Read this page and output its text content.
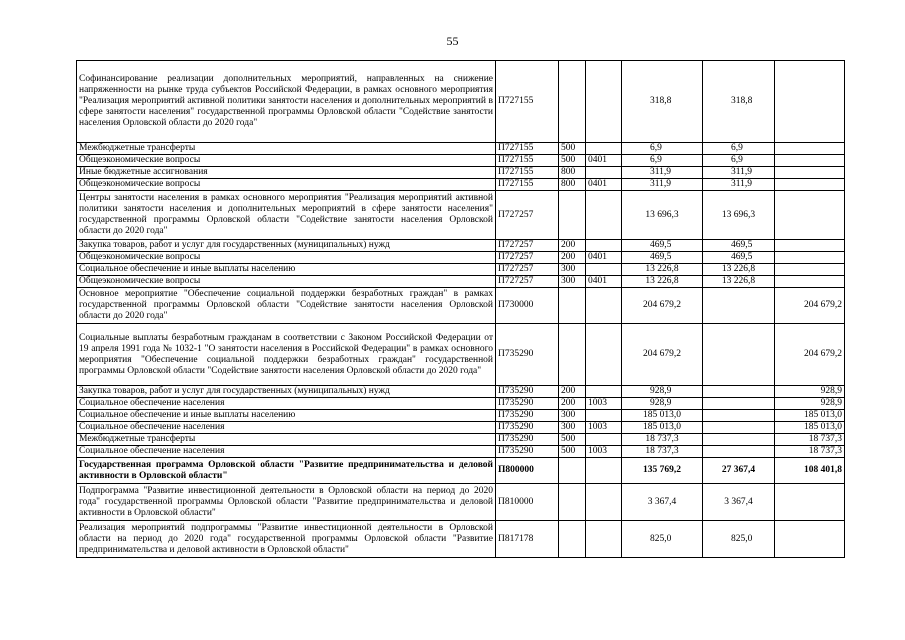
55
Софинансирование реализации дополнительных мероприятий, направленных на снижение напряженности на рынке труда субъектов Российской Федерации, в рамках основного мероприятия "Реализация мероприятий активной политики занятости населения и дополнительных мероприятий в сфере занятости населения" государственной программы Орловской области "Содействие занятости населения Орловской области до 2020 года"	П727155			318,8	318,8	
Межбюджетные трансферты	П727155	500		6,9	6,9	
Общеэкономические вопросы	П727155	500	0401	6,9	6,9	
Иные бюджетные ассигнования	П727155	800		311,9	311,9	
Общеэкономические вопросы	П727155	800	0401	311,9	311,9	
Центры занятости населения в рамках основного мероприятия "Реализация мероприятий активной политики занятости населения и дополнительных мероприятий в сфере занятости населения" государственной программы Орловской области "Содействие занятости населения Орловской области до 2020 года"	П727257			13 696,3	13 696,3	
Закупка товаров, работ и услуг для государственных (муниципальных) нужд	П727257	200		469,5	469,5	
Общеэкономические вопросы	П727257	200	0401	469,5	469,5	
Социальное обеспечение и иные выплаты населению	П727257	300		13 226,8	13 226,8	
Общеэкономические вопросы	П727257	300	0401	13 226,8	13 226,8	
Основное мероприятие "Обеспечение социальной поддержки безработных граждан" в рамках государственной программы Орловской области "Содействие занятости населения Орловской области до 2020 года"	П730000			204 679,2		204 679,2
Социальные выплаты безработным гражданам в соответствии с Законом Российской Федерации от 19 апреля 1991 года № 1032-1 "О занятости населения в Российской Федерации" в рамках основного мероприятия "Обеспечение социальной поддержки безработных граждан" государственной программы Орловской области "Содействие занятости населения Орловской области до 2020 года"	П735290			204 679,2		204 679,2
Закупка товаров, работ и услуг для государственных (муниципальных) нужд	П735290	200		928,9		928,9
Социальное обеспечение населения	П735290	200	1003	928,9		928,9
Социальное обеспечение и иные выплаты населению	П735290	300		185 013,0		185 013,0
Социальное обеспечение населения	П735290	300	1003	185 013,0		185 013,0
Межбюджетные трансферты	П735290	500		18 737,3		18 737,3
Социальное обеспечение населения	П735290	500	1003	18 737,3		18 737,3
Государственная программа Орловской области "Развитие предпринимательства и деловой активности в Орловской области"	П800000			135 769,2	27 367,4	108 401,8
Подпрограмма "Развитие инвестиционной деятельности в Орловской области на период до 2020 года" государственной программы Орловской области "Развитие предпринимательства и деловой активности в Орловской области"	П810000			3 367,4	3 367,4	
Реализация мероприятий подпрограммы "Развитие инвестиционной деятельности в Орловской области на период до 2020 года" государственной программы Орловской области "Развитие предпринимательства и деловой активности в Орловской области"	П817178			825,0	825,0	
